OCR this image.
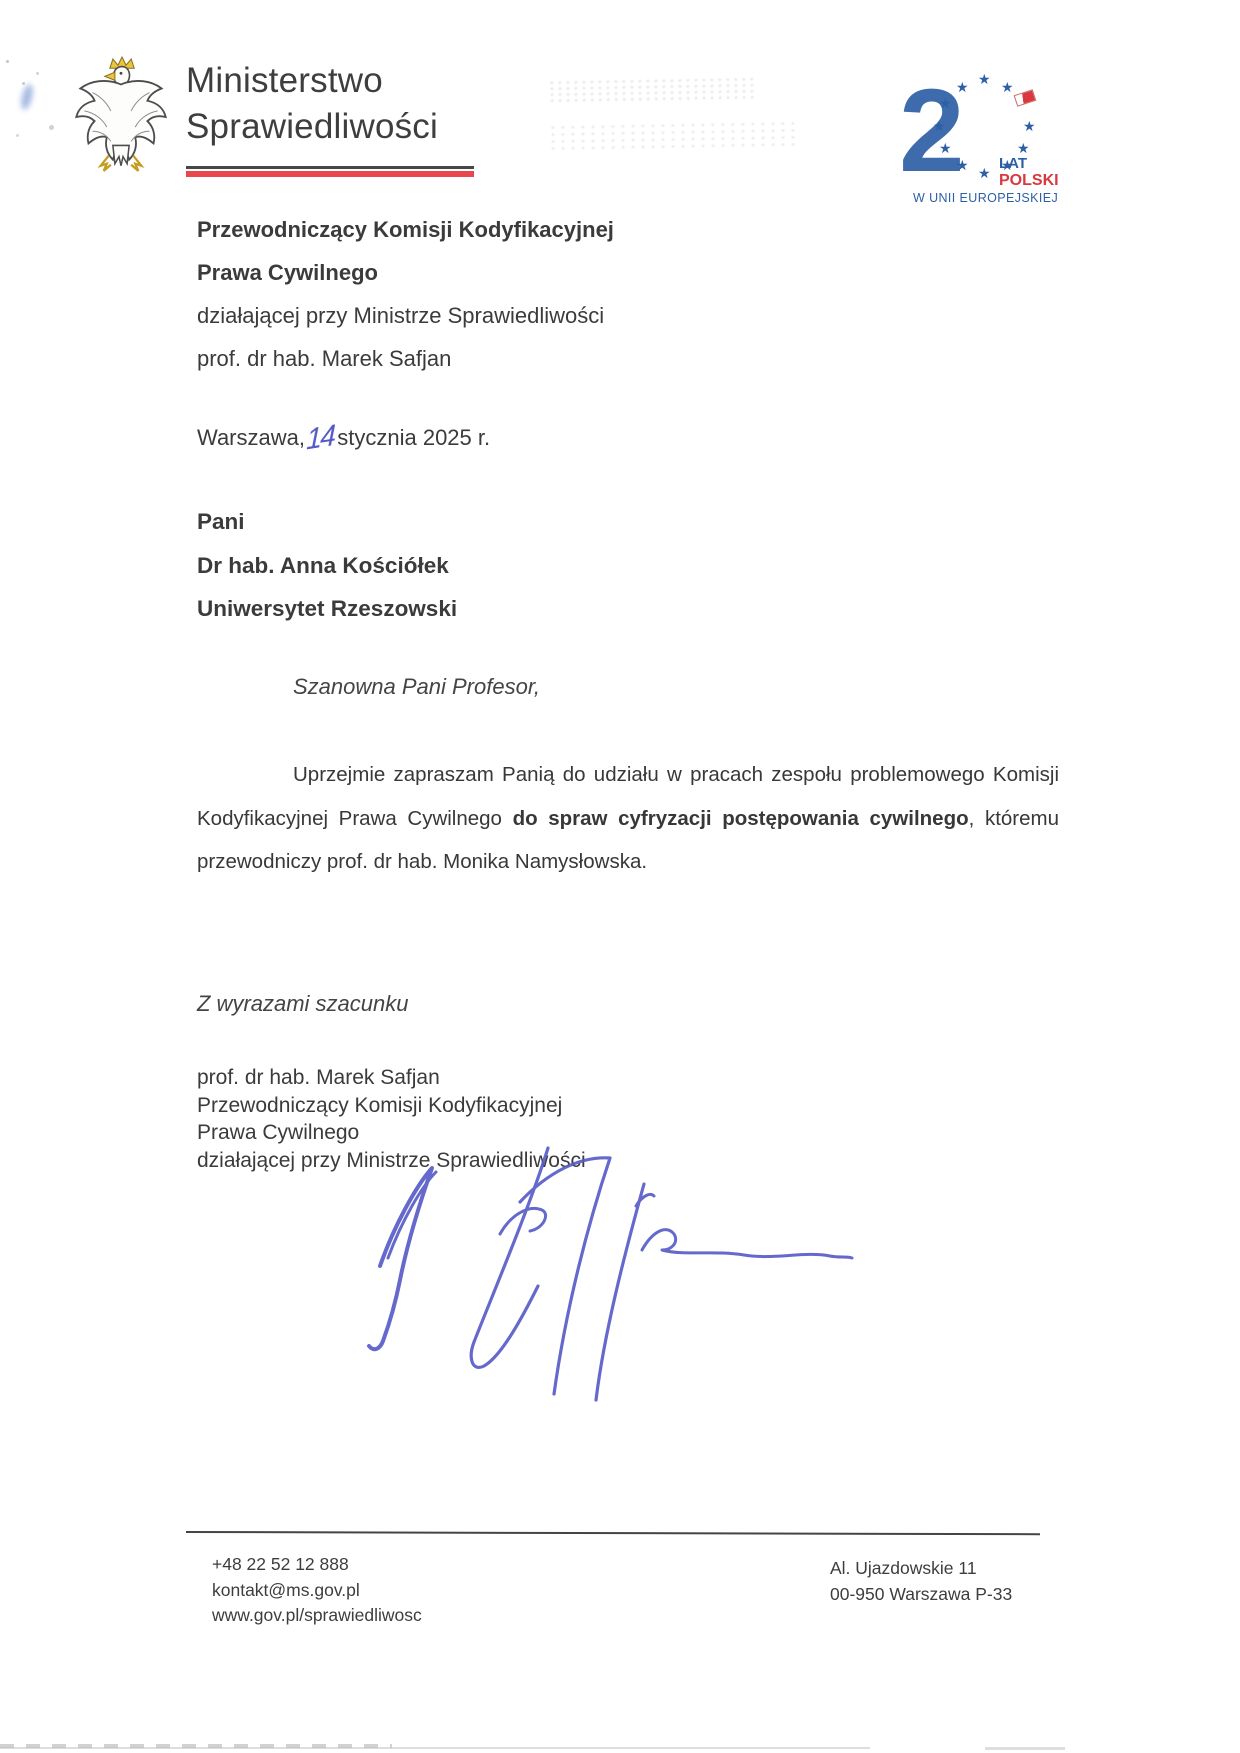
Ministerstwo
Sprawiedliwości	2
★
★
★
★ ★
★ ★
★
★
★
★ LAT
POLSKI
W UNII EUROPEJSKIEJ
Przewodniczący Komisji Kodyfikacyjnej
Prawa Cywilnego
działającej przy Ministrze Sprawiedliwości
prof. dr hab. Marek Safjan
Warszawa,14 stycznia 2025 r.
Pani
Dr hab. Anna Kościółek
Uniwersytet Rzeszowski
Szanowna Pani Profesor,
Uprzejmie zapraszam Panią do udziału w pracach zespołu problemowego Komisji
Kodyfikacyjnej Prawa Cywilnego do spraw cyfryzacji postępowania cywilnego, któremu
przewodniczy prof. dr hab. Monika Namysłowska.
Z wyrazami szacunku
prof. dr hab. Marek Safjan
Przewodniczący Komisji Kodyfikacyjnej
Prawa Cywilnego
działającej przy Ministrze Sprawiedliwości
+48 22 52 12 888
kontakt@ms.gov.pl
www.gov.pl/sprawiedliwosc
Al. Ujazdowskie 11
00-950 Warszawa P-33
